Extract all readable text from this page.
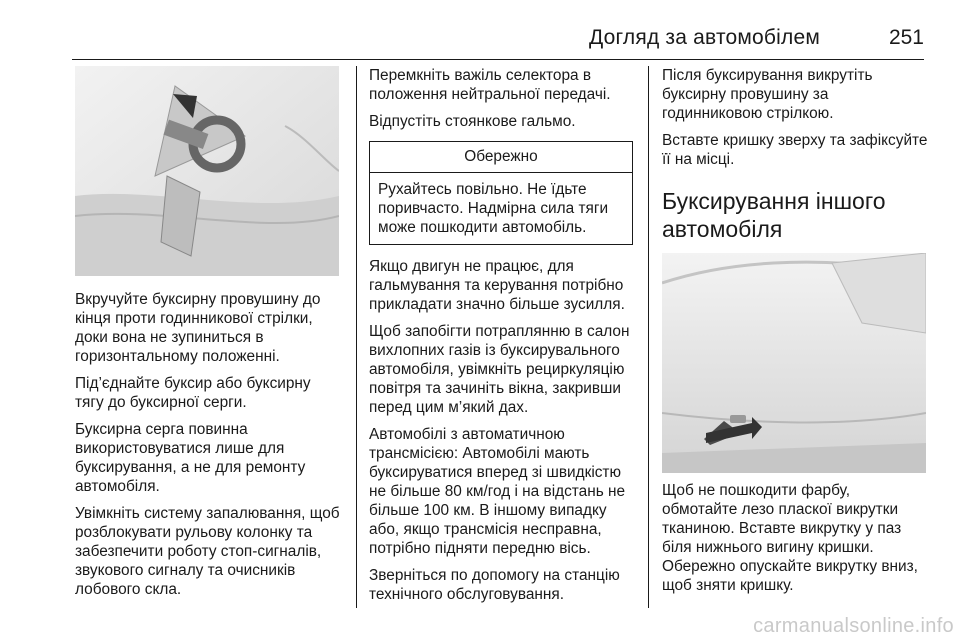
Догляд за автомобілем	251

Вкручуйте буксирну провушину до кінця проти годинникової стрілки, доки вона не зупиниться в горизонтальному положенні.

Під’єднайте буксир або буксирну тягу до буксирної серги.

Буксирна серга повинна використовуватися лише для буксирування, а не для ремонту автомобіля.

Увімкніть систему запалювання, щоб розблокувати рульову колонку та забезпечити роботу стоп-сигналів, звукового сигналу та очисників лобового скла.

Перемкніть важіль селектора в положення нейтральної передачі.

Відпустіть стоянкове гальмо.

Обережно
Рухайтесь повільно. Не їдьте поривчасто. Надмірна сила тяги може пошкодити автомобіль.

Якщо двигун не працює, для гальмування та керування потрібно прикладати значно більше зусилля.

Щоб запобігти потраплянню в салон вихлопних газів із буксирувального автомобіля, увімкніть рециркуляцію повітря та зачиніть вікна, закривши перед цим м’який дах.

Автомобілі з автоматичною трансмісією: Автомобілі мають буксируватися вперед зі швидкістю не більше 80 км/год і на відстань не більше 100 км. В іншому випадку або, якщо трансмісія несправна, потрібно підняти передню вісь.

Зверніться по допомогу на станцію технічного обслуговування.

Після буксирування викрутіть буксирну провушину за годинниковою стрілкою.

Вставте кришку зверху та зафіксуйте її на місці.

Буксирування іншого автомобіля

Щоб не пошкодити фарбу, обмотайте лезо пласкої викрутки тканиною. Вставте викрутку у паз біля нижнього вигину кришки. Обережно опускайте викрутку вниз, щоб зняти кришку.

carmanualsonline.info
